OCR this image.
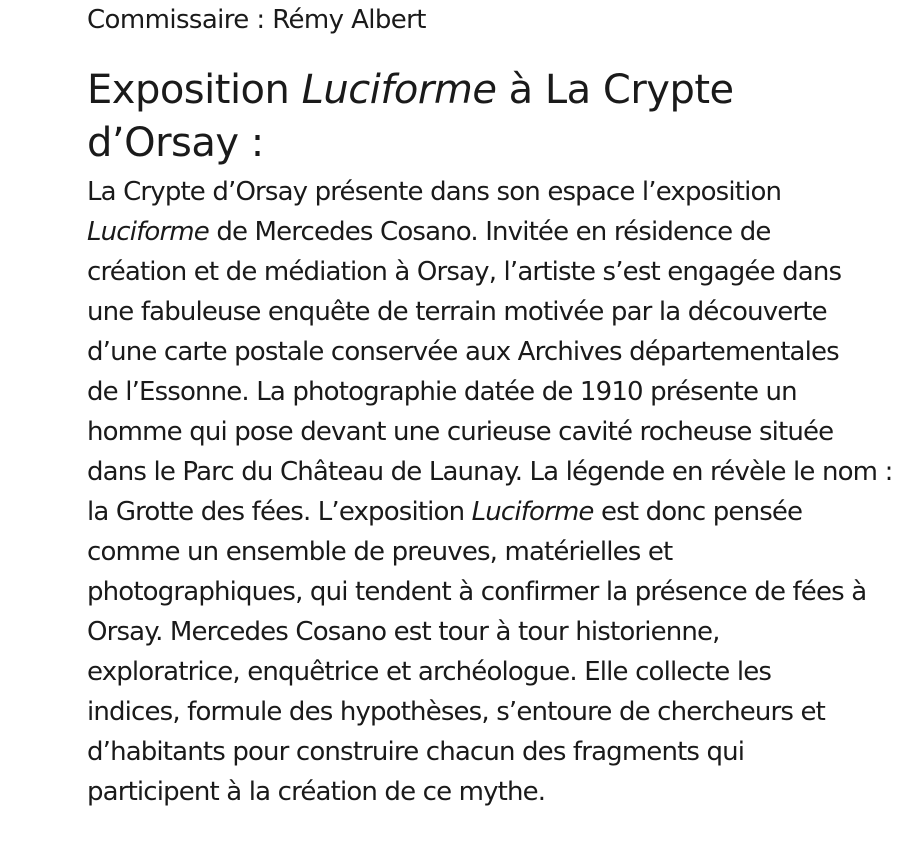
Commissaire : Rémy Albert
Exposition Luciforme à La Crypte
d’Orsay :
La Crypte d’Orsay présente dans son espace l’exposition
Luciforme de Mercedes Cosano. Invitée en résidence de
création et de médiation à Orsay, l’artiste s’est engagée dans
une fabuleuse enquête de terrain motivée par la découverte
d’une carte postale conservée aux Archives départementales
de l’Essonne. La photographie datée de 1910 présente un
homme qui pose devant une curieuse cavité rocheuse située
dans le Parc du Château de Launay. La légende en révèle le nom :
la Grotte des fées. L’exposition Luciforme est donc pensée
comme un ensemble de preuves, matérielles et
photographiques, qui tendent à confirmer la présence de fées à
Orsay. Mercedes Cosano est tour à tour historienne,
exploratrice, enquêtrice et archéologue. Elle collecte les
indices, formule des hypothèses, s’entoure de chercheurs et
d’habitants pour construire chacun des fragments qui
participent à la création de ce mythe.
